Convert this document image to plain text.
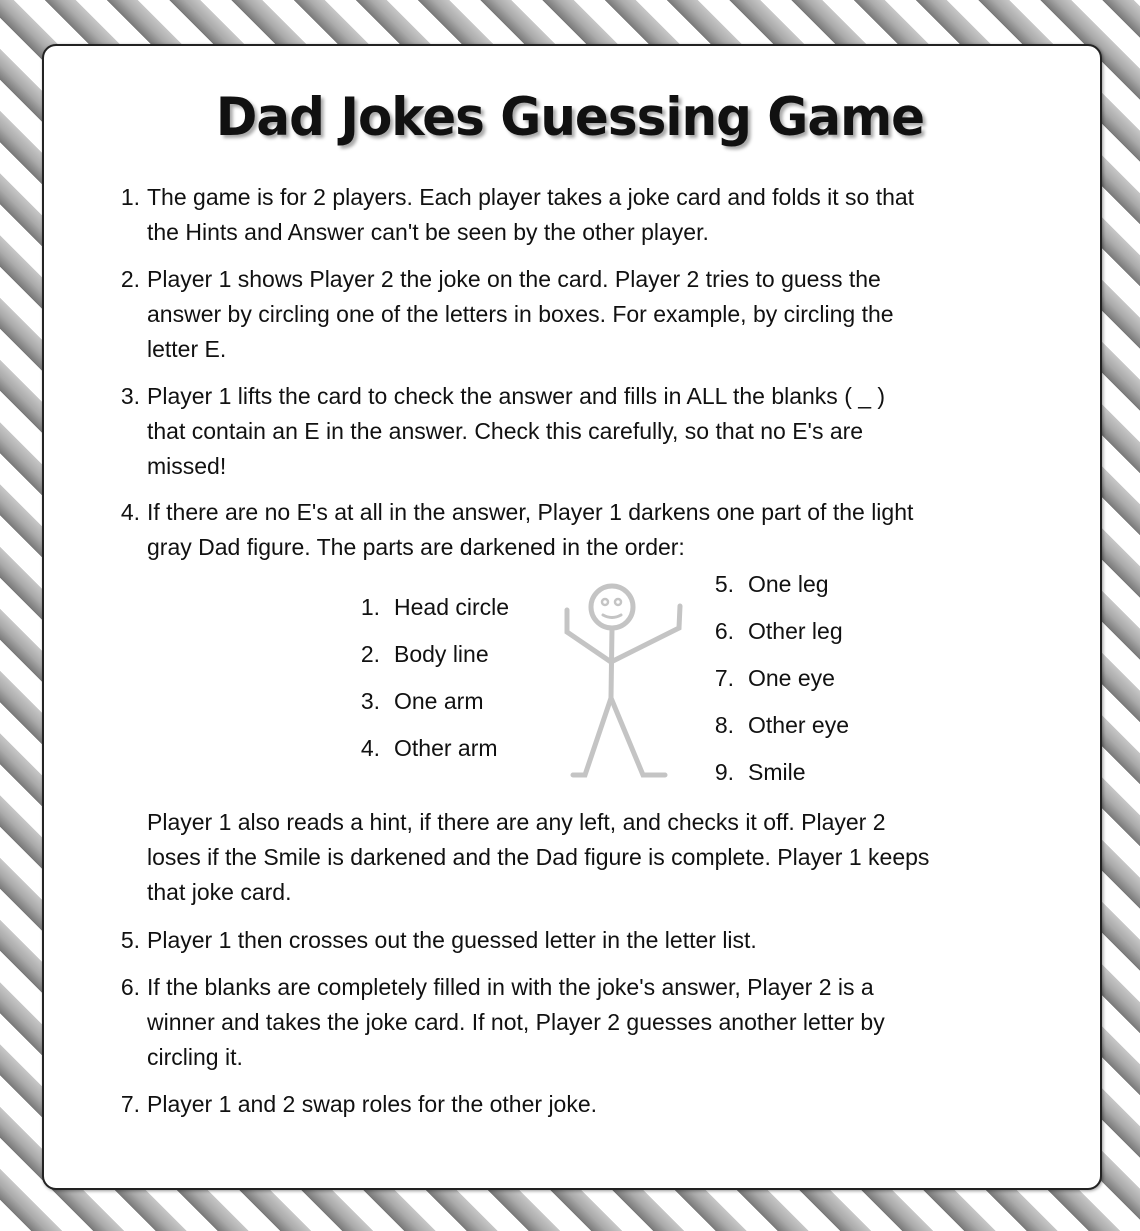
Dad Jokes Guessing Game
1. The game is for 2 players. Each player takes a joke card and folds it so that
the Hints and Answer can't be seen by the other player.
2. Player 1 shows Player 2 the joke on the card. Player 2 tries to guess the
answer by circling one of the letters in boxes. For example, by circling the
letter E.
3. Player 1 lifts the card to check the answer and fills in ALL the blanks ( _ )
that contain an E in the answer. Check this carefully, so that no E's are
missed!
4. If there are no E's at all in the answer, Player 1 darkens one part of the light
gray Dad figure. The parts are darkened in the order:
5. Player 1 then crosses out the guessed letter in the letter list.
6. If the blanks are completely filled in with the joke's answer, Player 2 is a
winner and takes the joke card. If not, Player 2 guesses another letter by
circling it.
7. Player 1 and 2 swap roles for the other joke.
1. Head circle
2. Body line
3. One arm
4. Other arm
5. One leg
6. Other leg
7. One eye
8. Other eye
9. Smile
Player 1 also reads a hint, if there are any left, and checks it off. Player 2
loses if the Smile is darkened and the Dad figure is complete. Player 1 keeps
that joke card.
